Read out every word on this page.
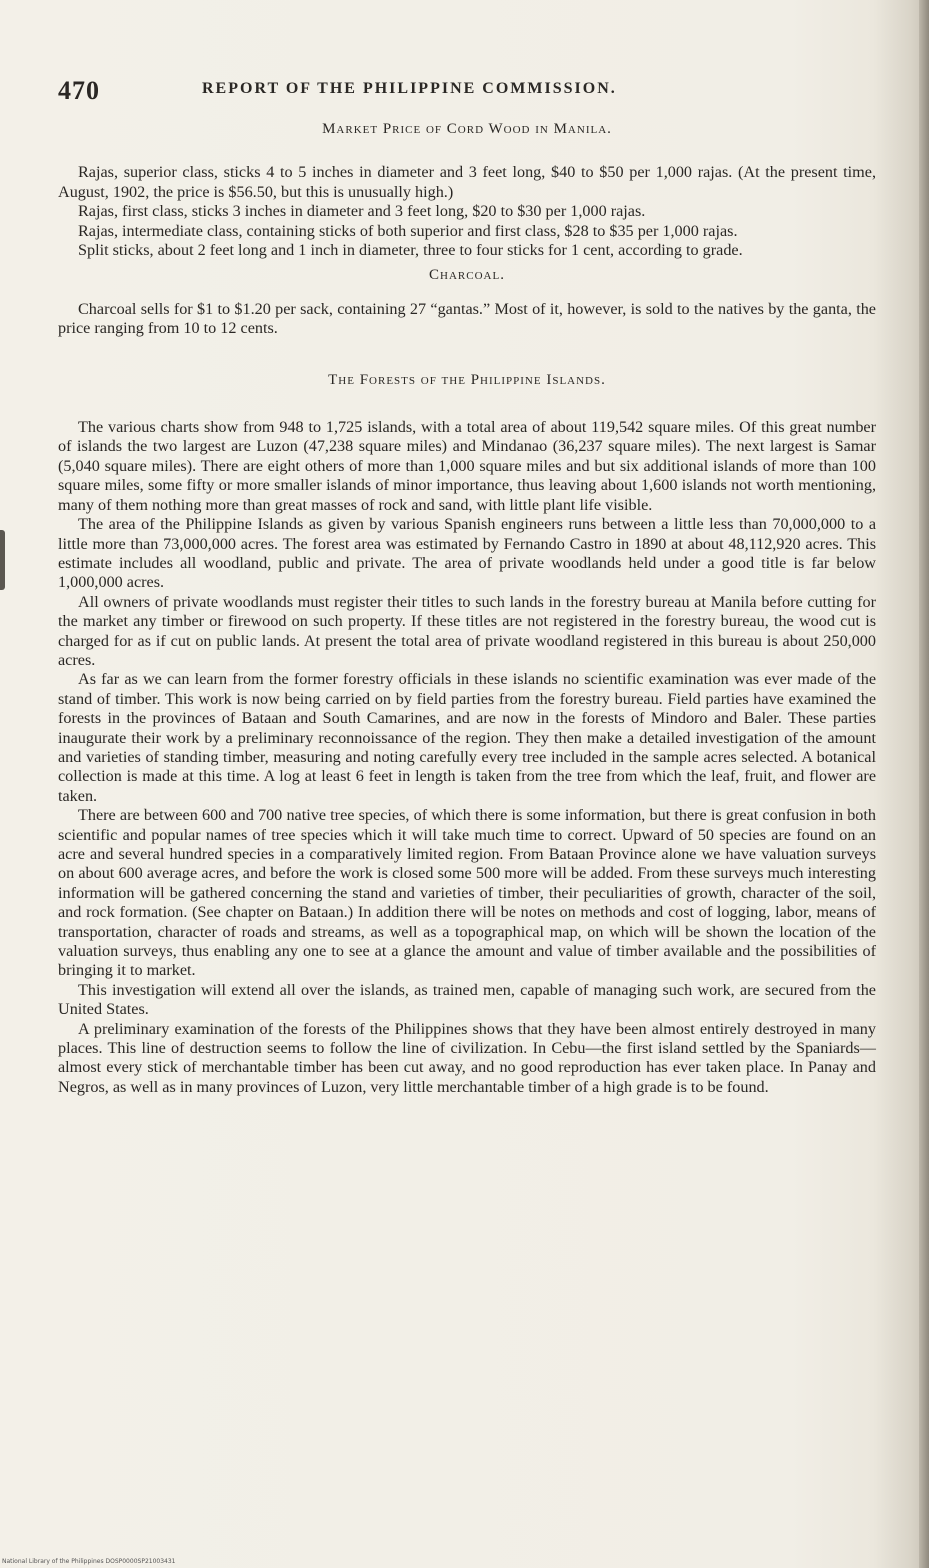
470	REPORT OF THE PHILIPPINE COMMISSION.
Market Price of Cord Wood in Manila.

Rajas, superior class, sticks 4 to 5 inches in diameter and 3 feet long, $40 to $50 per 1,000 rajas. (At the present time, August, 1902, the price is $56.50, but this is unusually high.)

Rajas, first class, sticks 3 inches in diameter and 3 feet long, $20 to $30 per 1,000 rajas.

Rajas, intermediate class, containing sticks of both superior and first class, $28 to $35 per 1,000 rajas.

Split sticks, about 2 feet long and 1 inch in diameter, three to four sticks for 1 cent, according to grade.

Charcoal.

Charcoal sells for $1 to $1.20 per sack, containing 27 “gantas.” Most of it, however, is sold to the natives by the ganta, the price ranging from 10 to 12 cents.

The Forests of the Philippine Islands.

The various charts show from 948 to 1,725 islands, with a total area of about 119,542 square miles. Of this great number of islands the two largest are Luzon (47,238 square miles) and Mindanao (36,237 square miles). The next largest is Samar (5,040 square miles). There are eight others of more than 1,000 square miles and but six additional islands of more than 100 square miles, some fifty or more smaller islands of minor importance, thus leaving about 1,600 islands not worth mentioning, many of them nothing more than great masses of rock and sand, with little plant life visible.

The area of the Philippine Islands as given by various Spanish engineers runs between a little less than 70,000,000 to a little more than 73,000,000 acres. The forest area was estimated by Fernando Castro in 1890 at about 48,112,920 acres. This estimate includes all woodland, public and private. The area of private woodlands held under a good title is far below 1,000,000 acres.

All owners of private woodlands must register their titles to such lands in the forestry bureau at Manila before cutting for the market any timber or firewood on such property. If these titles are not registered in the forestry bureau, the wood cut is charged for as if cut on public lands. At present the total area of private woodland registered in this bureau is about 250,000 acres.

As far as we can learn from the former forestry officials in these islands no scientific examination was ever made of the stand of timber. This work is now being carried on by field parties from the forestry bureau. Field parties have examined the forests in the provinces of Bataan and South Camarines, and are now in the forests of Mindoro and Baler. These parties inaugurate their work by a preliminary reconnoissance of the region. They then make a detailed investigation of the amount and varieties of standing timber, measuring and noting carefully every tree included in the sample acres selected. A botanical collection is made at this time. A log at least 6 feet in length is taken from the tree from which the leaf, fruit, and flower are taken.

There are between 600 and 700 native tree species, of which there is some information, but there is great confusion in both scientific and popular names of tree species which it will take much time to correct. Upward of 50 species are found on an acre and several hundred species in a comparatively limited region. From Bataan Province alone we have valuation surveys on about 600 average acres, and before the work is closed some 500 more will be added. From these surveys much interesting information will be gathered concerning the stand and varieties of timber, their peculiarities of growth, character of the soil, and rock formation. (See chapter on Bataan.) In addition there will be notes on methods and cost of logging, labor, means of transportation, character of roads and streams, as well as a topographical map, on which will be shown the location of the valuation surveys, thus enabling any one to see at a glance the amount and value of timber available and the possibilities of bringing it to market.

This investigation will extend all over the islands, as trained men, capable of managing such work, are secured from the United States.

A preliminary examination of the forests of the Philippines shows that they have been almost entirely destroyed in many places. This line of destruction seems to follow the line of civilization. In Cebu—the first island settled by the Spaniards—almost every stick of merchantable timber has been cut away, and no good reproduction has ever taken place. In Panay and Negros, as well as in many provinces of Luzon, very little merchantable timber of a high grade is to be found.

National Library of the Philippines DOSP0000SP21003431
